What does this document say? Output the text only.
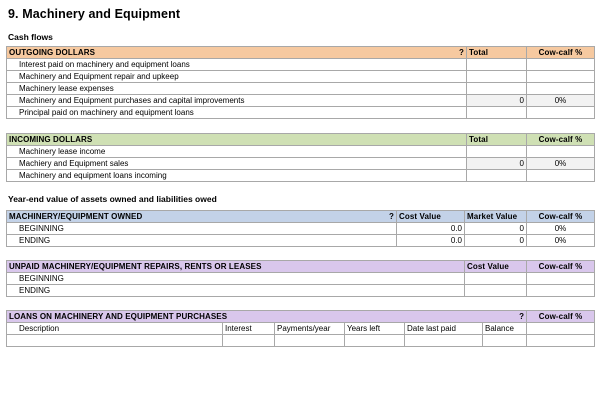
9. Machinery and Equipment
Cash flows
OUTGOING DOLLARS ?	Total	Cow-calf %
Interest paid on machinery and equipment loans		
Machinery and Equipment repair and upkeep		
Machinery lease expenses		
Machinery and Equipment purchases and capital improvements	0	0%
Principal paid on machinery and equipment loans		
INCOMING DOLLARS	Total	Cow-calf %
Machinery lease income		
Machiery and Equipment sales	0	0%
Machinery and equipment loans incoming		
Year-end value of assets owned and liabilities owed
MACHINERY/EQUIPMENT OWNED ?	Cost Value	Market Value	Cow-calf %
BEGINNING	0.0	0	0%
ENDING	0.0	0	0%
UNPAID MACHINERY/EQUIPMENT REPAIRS, RENTS OR LEASES	Cost Value	Cow-calf %
BEGINNING		
ENDING		
LOANS ON MACHINERY AND EQUIPMENT PURCHASES ?						Cow-calf %
Description	Interest	Payments/year	Years left	Date last paid	Balance	
